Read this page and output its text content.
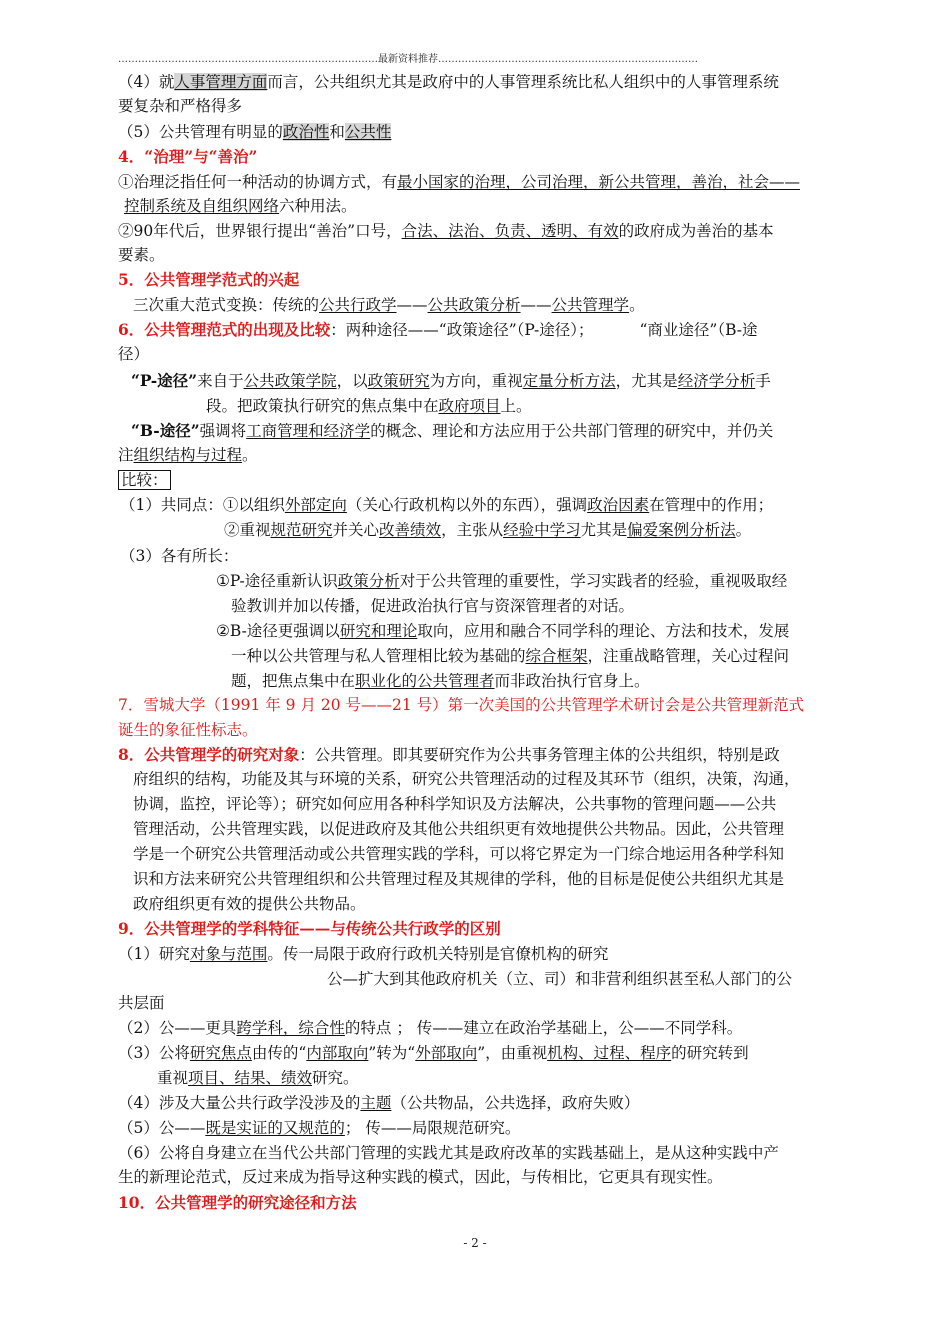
……………………………………………………………………最新资料推荐……………………………………………………………………
（4）就人事管理方面而言，公共组织尤其是政府中的人事管理系统比私人组织中的人事管理系统
要复杂和严格得多
（5）公共管理有明显的政治性和公共性
4．“治理”与“善治”
①治理泛指任何一种活动的协调方式，有最小国家的治理，公司治理，新公共管理，善治，社会——
控制系统及自组织网络六种用法。
②90年代后，世界银行提出“善治”口号，合法、法治、负责、透明、有效的政府成为善治的基本
要素。
5．公共管理学范式的兴起
三次重大范式变换：传统的公共行政学——公共政策分析——公共管理学。
6．公共管理范式的出现及比较：两种途径——“政策途径”（P-途径）；	“商业途径”（B-途
径）
“P-途径”来自于公共政策学院，以政策研究为方向，重视定量分析方法，尤其是经济学分析手
段。把政策执行研究的焦点集中在政府项目上。
“B-途径”强调将工商管理和经济学的概念、理论和方法应用于公共部门管理的研究中，并仍关
注组织结构与过程。
比较：
（1）共同点：①以组织外部定向（关心行政机构以外的东西），强调政治因素在管理中的作用；
②重视规范研究并关心改善绩效，主张从经验中学习尤其是偏爱案例分析法。
（3）各有所长：
①P-途径重新认识政策分析对于公共管理的重要性，学习实践者的经验，重视吸取经
验教训并加以传播，促进政治执行官与资深管理者的对话。
②B-途径更强调以研究和理论取向，应用和融合不同学科的理论、方法和技术，发展
一种以公共管理与私人管理相比较为基础的综合框架，注重战略管理，关心过程问
题，把焦点集中在职业化的公共管理者而非政治执行官身上。
7．雪城大学（1991 年 9 月 20 号——21 号）第一次美国的公共管理学术研讨会是公共管理新范式
诞生的象征性标志。
8．公共管理学的研究对象：公共管理。即其要研究作为公共事务管理主体的公共组织，特别是政
府组织的结构，功能及其与环境的关系，研究公共管理活动的过程及其环节（组织，决策，沟通，
协调，监控，评论等）；研究如何应用各种科学知识及方法解决，公共事物的管理问题——公共
管理活动，公共管理实践，以促进政府及其他公共组织更有效地提供公共物品。因此，公共管理
学是一个研究公共管理活动或公共管理实践的学科，可以将它界定为一门综合地运用各种学科知
识和方法来研究公共管理组织和公共管理过程及其规律的学科，他的目标是促使公共组织尤其是
政府组织更有效的提供公共物品。
9．公共管理学的学科特征——与传统公共行政学的区别
（1）研究对象与范围。传一局限于政府行政机关特别是官僚机构的研究
公—扩大到其他政府机关（立、司）和非营利组织甚至私人部门的公
共层面
（2）公——更具跨学科，综合性的特点 ； 传——建立在政治学基础上，公——不同学科。
（3）公将研究焦点由传的“内部取向”转为“外部取向”，由重视机构、过程、程序的研究转到
重视项目、结果、绩效研究。
（4）涉及大量公共行政学没涉及的主题（公共物品，公共选择，政府失败）
（5）公——既是实证的又规范的； 传——局限规范研究。
（6）公将自身建立在当代公共部门管理的实践尤其是政府改革的实践基础上，是从这种实践中产
生的新理论范式，反过来成为指导这种实践的模式，因此，与传相比，它更具有现实性。
10．公共管理学的研究途径和方法
- 2 -
